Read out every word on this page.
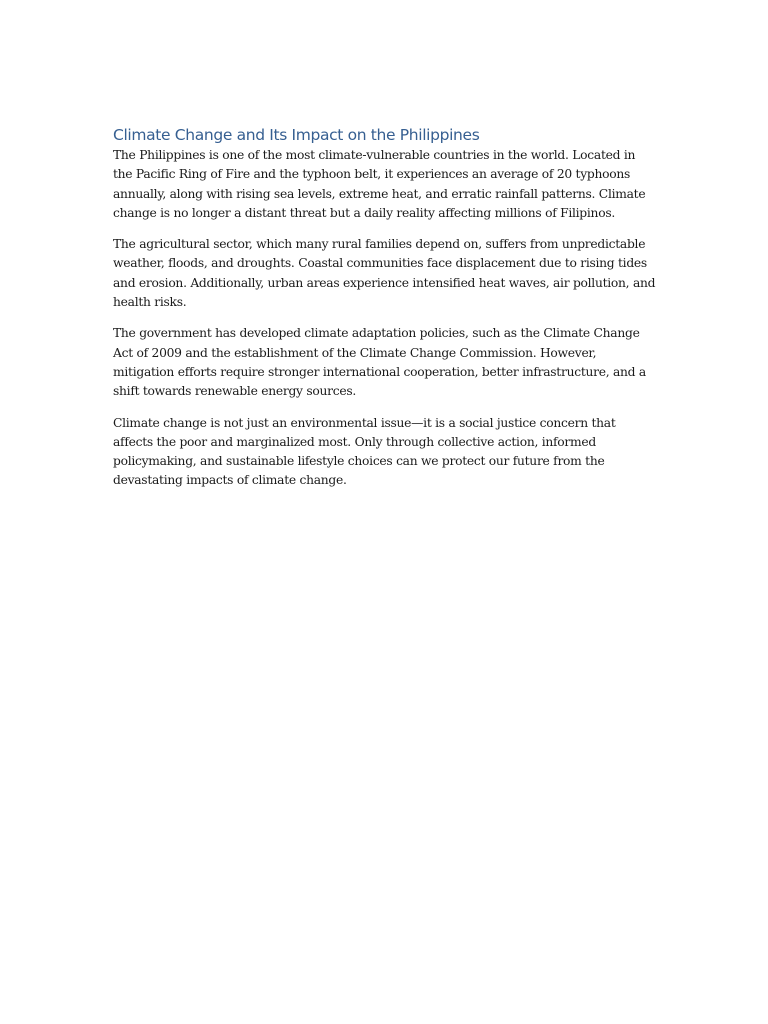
Climate Change and Its Impact on the Philippines

The Philippines is one of the most climate-vulnerable countries in the world. Located in the Pacific Ring of Fire and the typhoon belt, it experiences an average of 20 typhoons annually, along with rising sea levels, extreme heat, and erratic rainfall patterns. Climate change is no longer a distant threat but a daily reality affecting millions of Filipinos.

The agricultural sector, which many rural families depend on, suffers from unpredictable weather, floods, and droughts. Coastal communities face displacement due to rising tides and erosion. Additionally, urban areas experience intensified heat waves, air pollution, and health risks.

The government has developed climate adaptation policies, such as the Climate Change Act of 2009 and the establishment of the Climate Change Commission. However, mitigation efforts require stronger international cooperation, better infrastructure, and a shift towards renewable energy sources.

Climate change is not just an environmental issue—it is a social justice concern that affects the poor and marginalized most. Only through collective action, informed policymaking, and sustainable lifestyle choices can we protect our future from the devastating impacts of climate change.
